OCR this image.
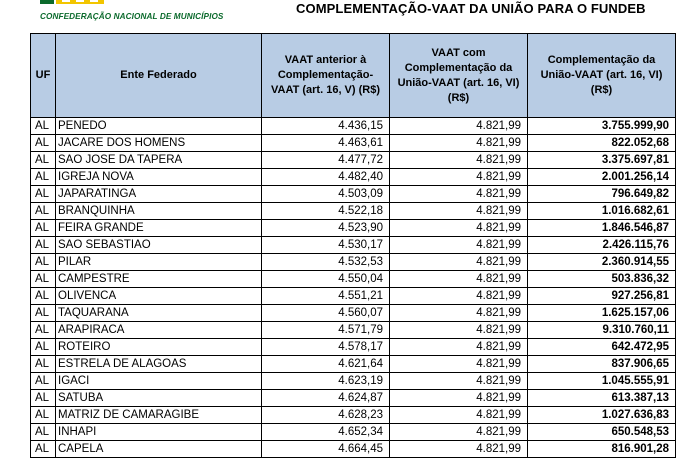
CONFEDERAÇÃO NACIONAL DE MUNICÍPIOS
COMPLEMENTAÇÃO-VAAT DA UNIÃO PARA O FUNDEB
UF	Ente Federado	VAAT anterior à Complementação-VAAT (art. 16, V) (R$)	VAAT com Complementação da União-VAAT (art. 16, VI) (R$)	Complementação da União-VAAT (art. 16, VI) (R$)
AL	PENEDO	4.436,15	4.821,99	3.755.999,90
AL	JACARE DOS HOMENS	4.463,61	4.821,99	822.052,68
AL	SAO JOSE DA TAPERA	4.477,72	4.821,99	3.375.697,81
AL	IGREJA NOVA	4.482,40	4.821,99	2.001.256,14
AL	JAPARATINGA	4.503,09	4.821,99	796.649,82
AL	BRANQUINHA	4.522,18	4.821,99	1.016.682,61
AL	FEIRA GRANDE	4.523,90	4.821,99	1.846.546,87
AL	SAO SEBASTIAO	4.530,17	4.821,99	2.426.115,76
AL	PILAR	4.532,53	4.821,99	2.360.914,55
AL	CAMPESTRE	4.550,04	4.821,99	503.836,32
AL	OLIVENCA	4.551,21	4.821,99	927.256,81
AL	TAQUARANA	4.560,07	4.821,99	1.625.157,06
AL	ARAPIRACA	4.571,79	4.821,99	9.310.760,11
AL	ROTEIRO	4.578,17	4.821,99	642.472,95
AL	ESTRELA DE ALAGOAS	4.621,64	4.821,99	837.906,65
AL	IGACI	4.623,19	4.821,99	1.045.555,91
AL	SATUBA	4.624,87	4.821,99	613.387,13
AL	MATRIZ DE CAMARAGIBE	4.628,23	4.821,99	1.027.636,83
AL	INHAPI	4.652,34	4.821,99	650.548,53
AL	CAPELA	4.664,45	4.821,99	816.901,28
